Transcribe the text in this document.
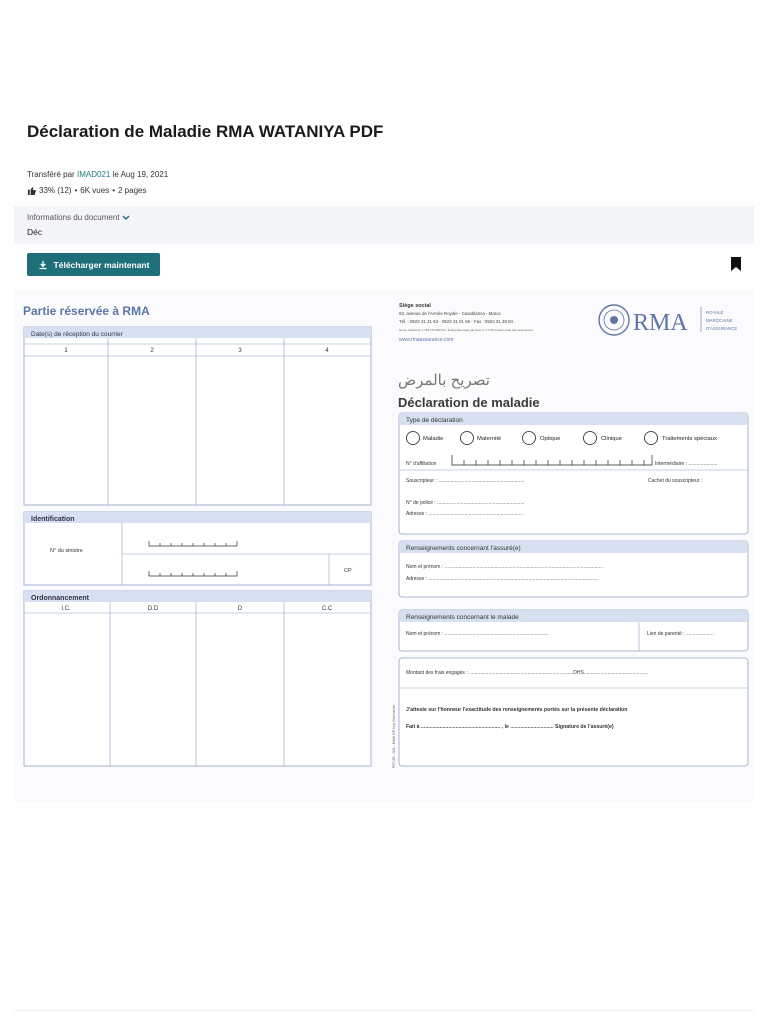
Déclaration de Maladie RMA WATANIYA PDF
Transféré par IMAD021 le Aug 19, 2021
33% (12) • 6K vues • 2 pages
Informations du document
Déc
Télécharger maintenant
Partie réservée à RMA
Date(s) de réception du courrier
1	2	3	4
Identification
N° du sinistre
CP
Ordonnancement
I.C.	D.D	D	C.C
P07.89 - 021 - Edité GP Imp Guerrando
Siège social
83, avenue de l'Armée Royale - Casablanca - Maroc
Tél. : 0522 31 21 63 - 0522 31 01 69 - Fax : 0522 31 38 84
SA au capital de 1.796.170.000 Dh - Entreprise régie par la loi n° 17-99 portant code des assurances
www.rmaassurance.com
RMA	ROYALE
MAROCAINE
D'ASSURANCE
تصريح بالمرض
Déclaration de maladie
Type de déclaration
Maladie	Maternité	Optique	Clinique	Traitements spéciaux
N° d'affiliation	Intermédiaire : .....................
Souscripteur : ..............................................................	Cachet du souscripteur :
N° de police : ...............................................................
Adresse : ....................................................................
Renseignements concernant l'assuré(e)
Nom et prénom : ..................................................................................................................
Adresse : ..........................................................................................................................
Renseignements concernant le malade
Nom et prénom : ...........................................................................	Lien de parenté : ....................
Montant des frais engagés : ...........................................................................DHS..............................................
J'atteste sur l'honneur l'exactitude des renseignements portés sur la présente déclaration
Fait à ....................................................... , le .............................. Signature de l'assuré(e)
